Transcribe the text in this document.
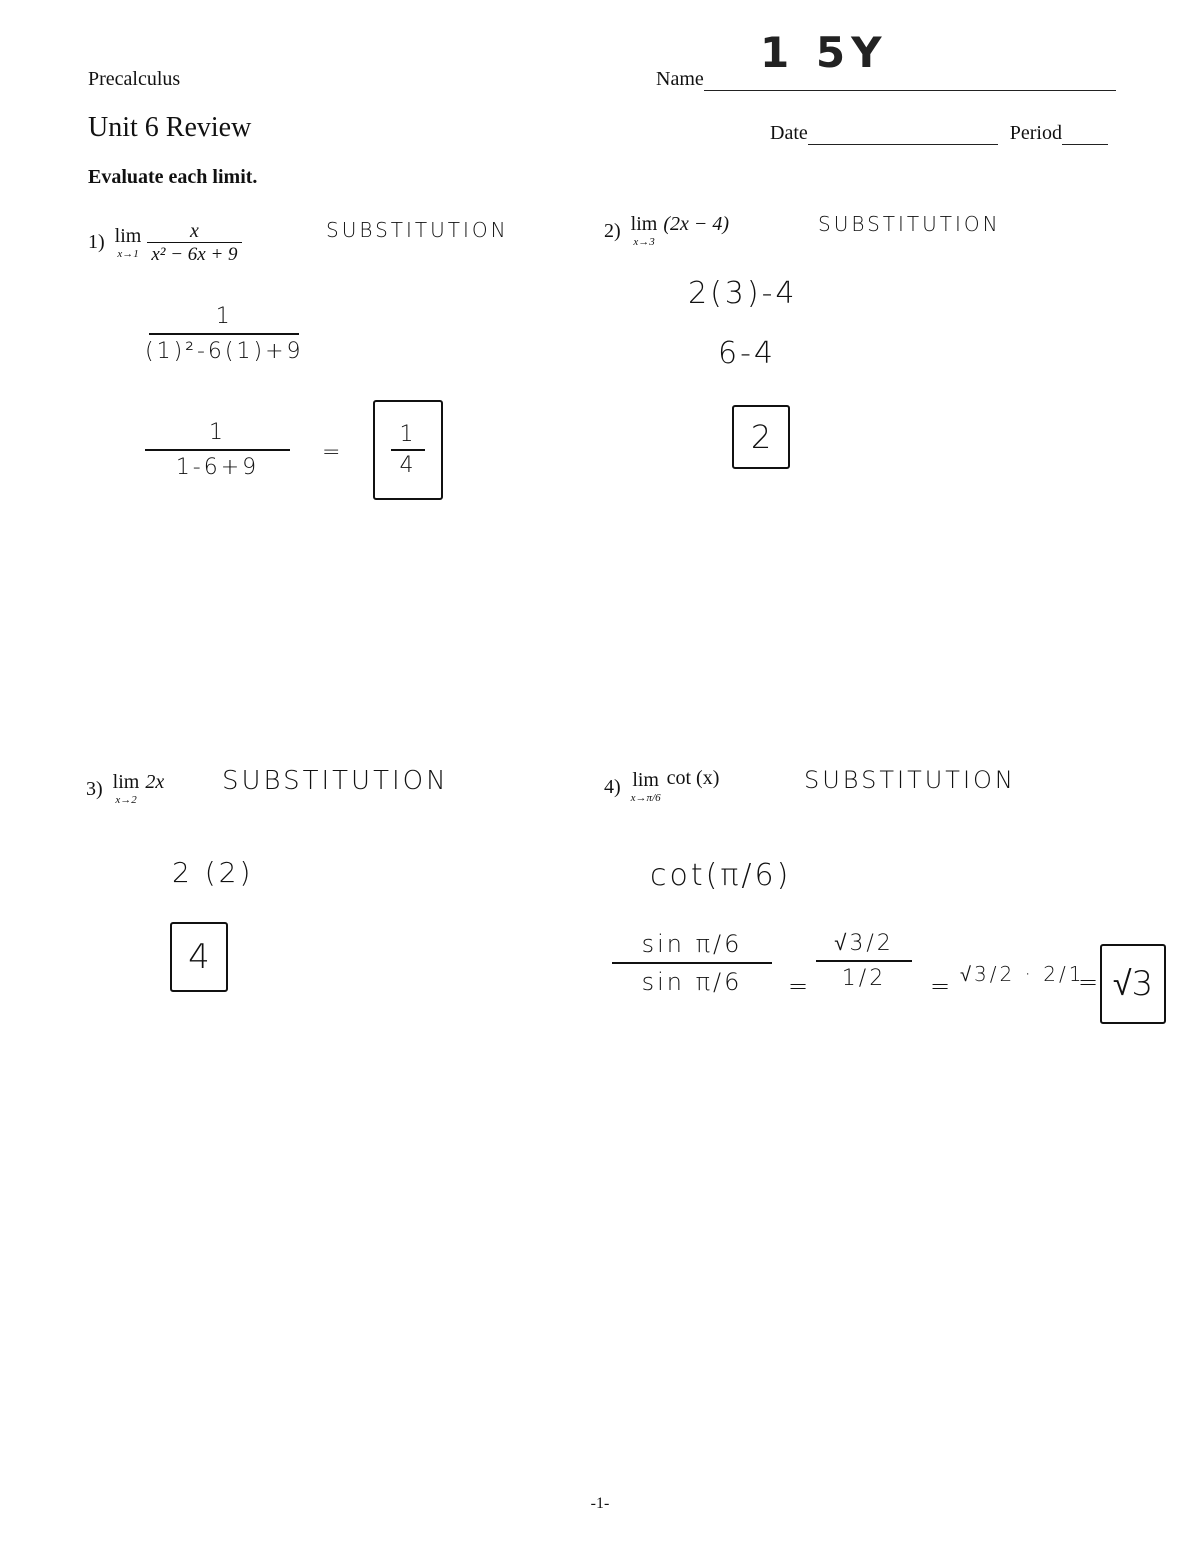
Precalculus	Name
1 5Y
Unit 6 Review	Date	Period
Evaluate each limit.
1) lim
$x\to 1 \frac{x}{\text{x² − 6x + 9}}$	SUBSTITUTION
$\frac{1}{\text{(1)²-6(1)+9}}$
$\frac{1}{1-6+9}$ =
1
4
2) lim
x→3
(2x − 4)	SUBSTITUTION
2(3)-4
6-4
2
3) lim
x→2
2x SUBSTITUTION
2 (2)
4
4) lim
x→π/6
cot (x)	SUBSTITUTION
cot(π/6)
$\frac{\text{sin π/6}}{\text{sin π/6}} = \frac{√3/2}{1/2} = √3/2 \cdot 2/1$
= √3
-1-
